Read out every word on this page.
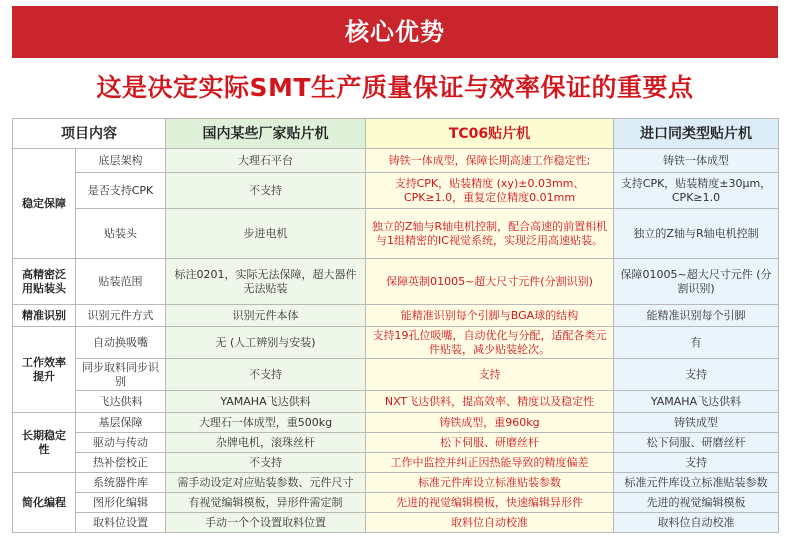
核心优势
这是决定实际SMT生产质量保证与效率保证的重要点
项目内容		国内某些厂家贴片机	TC06贴片机	进口同类型贴片机
稳定保障	底层架构	大理石平台	铸铁一体成型，保障长期高速工作稳定性;	铸铁一体成型
	是否支持CPK	不支持	支持CPK，贴装精度 (xy)±0.03mm、CPK≥1.0，重复定位精度0.01mm	支持CPK，贴装精度±30μm，CPK≥1.0
	贴装头	步进电机	独立的Z轴与R轴电机控制，配合高速的前置相机与1组精密的IC视觉系统，实现泛用高速贴装。	独立的Z轴与R轴电机控制
高精密泛用贴装头	贴装范围	标注0201，实际无法保障，超大器件无法贴装	保障英制01005~超大尺寸元件(分割识别)	保障01005~超大尺寸元件 (分割识别)
精准识别	识别元件方式	识别元件本体	能精准识别每个引脚与BGA球的结构	能精准识别每个引脚
工作效率提升	自动换吸嘴	无 (人工辨别与安装)	支持19孔位吸嘴，自动优化与分配，适配各类元件贴装，减少贴装轮次。	有
	同步取料同步识别	不支持	支持	支持
	飞达供料	YAMAHA飞达供料	NXT飞达供料，提高效率、精度以及稳定性	YAMAHA飞达供料
长期稳定性	基层保障	大理石一体成型，重500kg	铸铁成型，重960kg	铸铁成型
	驱动与传动	杂牌电机，滚珠丝杆	松下伺服、研磨丝杆	松下伺服、研磨丝杆
	热补偿校正	不支持	工作中监控并纠正因热能导致的精度偏差	支持
简化编程	系统器件库	需手动设定对应贴装参数、元件尺寸	标准元件库设立标准贴装参数	标准元件库设立标准贴装参数
	图形化编辑	有视觉编辑模板，异形件需定制	先进的视觉编辑模板，快速编辑异形件	先进的视觉编辑模板
	取料位设置	手动一个个设置取料位置	取料位自动校准	取料位自动校准
